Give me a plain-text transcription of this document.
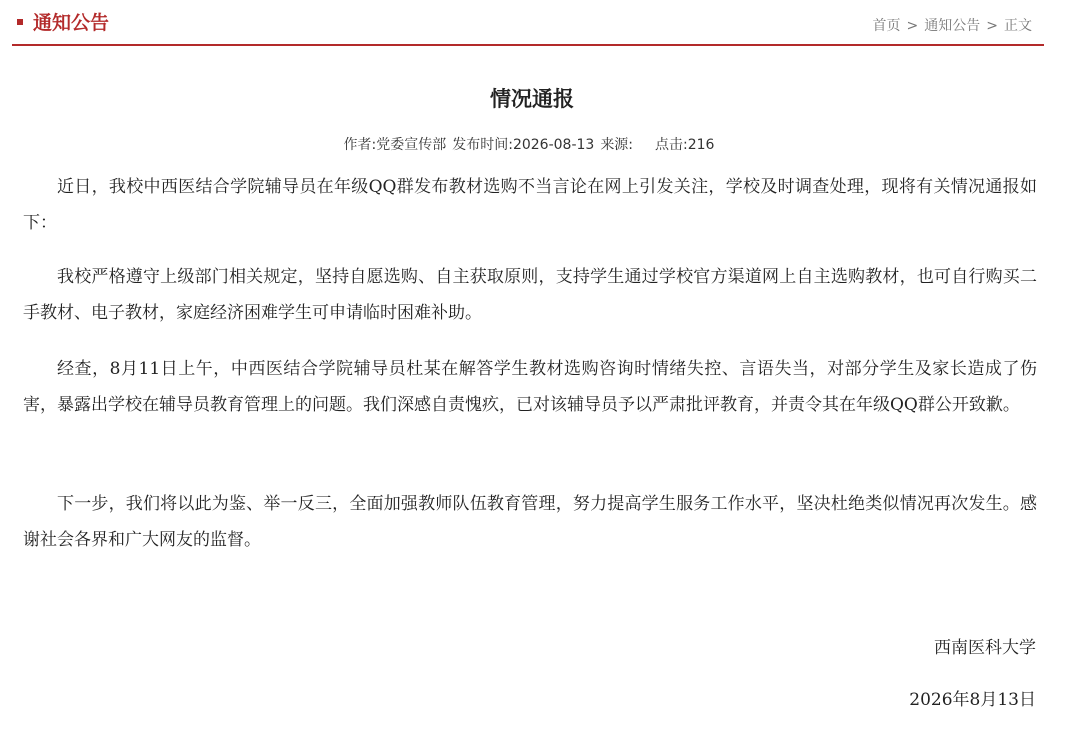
通知公告	首页 > 通知公告 > 正文
情况通报
作者:党委宣传部 发布时间:2026-08-13 来源: 点击:216

近日，我校中西医结合学院辅导员在年级QQ群发布教材选购不当言论在网上引发关注，学校及时调查处理，现将有关情况通报如下：

我校严格遵守上级部门相关规定，坚持自愿选购、自主获取原则，支持学生通过学校官方渠道网上自主选购教材，也可自行购买二手教材、电子教材，家庭经济困难学生可申请临时困难补助。

经查，8月11日上午，中西医结合学院辅导员杜某在解答学生教材选购咨询时情绪失控、言语失当，对部分学生及家长造成了伤害，暴露出学校在辅导员教育管理上的问题。我们深感自责愧疚，已对该辅导员予以严肃批评教育，并责令其在年级QQ群公开致歉。

下一步，我们将以此为鉴、举一反三，全面加强教师队伍教育管理，努力提高学生服务工作水平，坚决杜绝类似情况再次发生。感谢社会各界和广大网友的监督。

西南医科大学
2026年8月13日
